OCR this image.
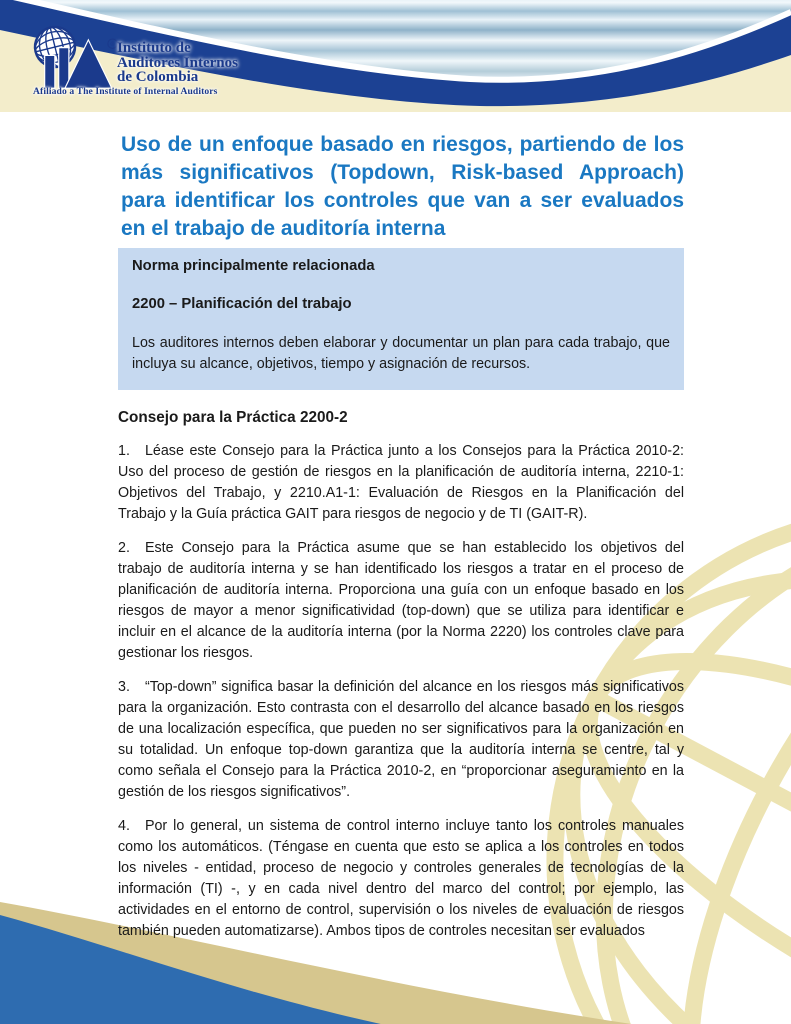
® Instituto de
Auditores Internos
de Colombia
Afiliado a The Institute of Internal Auditors
Uso de un enfoque basado en riesgos, partiendo de los más significativos (Topdown, Risk-based Approach) para identificar los controles que van a ser evaluados en el trabajo de auditoría interna

Norma principalmente relacionada

2200 – Planificación del trabajo

Los auditores internos deben elaborar y documentar un plan para cada trabajo, que incluya su alcance, objetivos, tiempo y asignación de recursos.

Consejo para la Práctica 2200-2

1. Léase este Consejo para la Práctica junto a los Consejos para la Práctica 2010-2: Uso del proceso de gestión de riesgos en la planificación de auditoría interna, 2210-1: Objetivos del Trabajo, y 2210.A1-1: Evaluación de Riesgos en la Planificación del Trabajo y la Guía práctica GAIT para riesgos de negocio y de TI (GAIT-R).

2. Este Consejo para la Práctica asume que se han establecido los objetivos del trabajo de auditoría interna y se han identificado los riesgos a tratar en el proceso de planificación de auditoría interna. Proporciona una guía con un enfoque basado en los riesgos de mayor a menor significatividad (top-down) que se utiliza para identificar e incluir en el alcance de la auditoría interna (por la Norma 2220) los controles clave para gestionar los riesgos.

3. “Top-down” significa basar la definición del alcance en los riesgos más significativos para la organización. Esto contrasta con el desarrollo del alcance basado en los riesgos de una localización específica, que pueden no ser significativos para la organización en su totalidad. Un enfoque top-down garantiza que la auditoría interna se centre, tal y como señala el Consejo para la Práctica 2010-2, en “proporcionar aseguramiento en la gestión de los riesgos significativos”.

4. Por lo general, un sistema de control interno incluye tanto los controles manuales como los automáticos. (Téngase en cuenta que esto se aplica a los controles en todos los niveles - entidad, proceso de negocio y controles generales de tecnologías de la información (TI) -, y en cada nivel dentro del marco del control; por ejemplo, las actividades en el entorno de control, supervisión o los niveles de evaluación de riesgos también pueden automatizarse). Ambos tipos de controles necesitan ser evaluados
